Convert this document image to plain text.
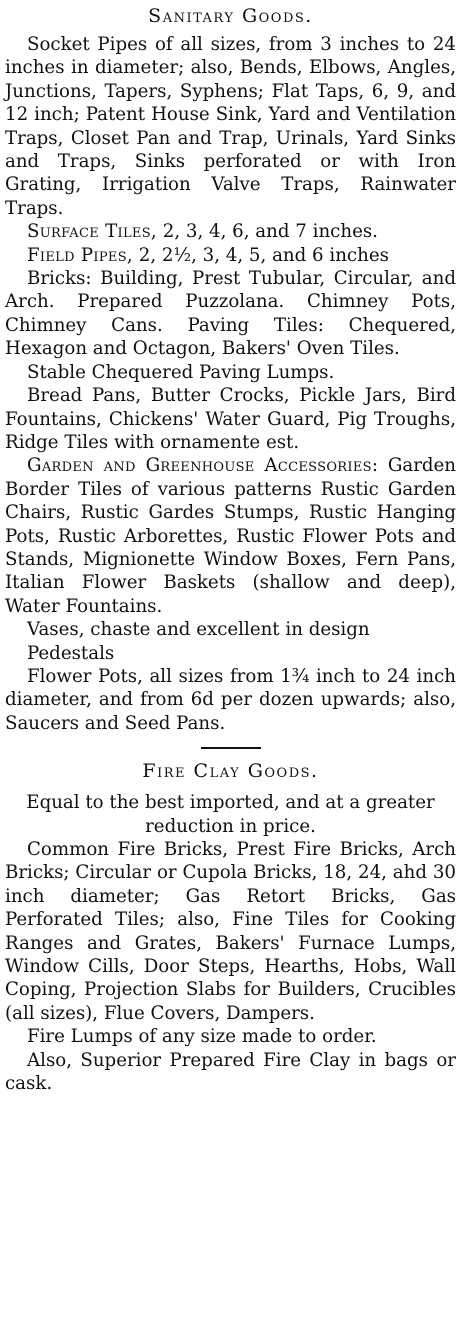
Sanitary Goods.

Socket Pipes of all sizes, from 3 inches to 24 inches in diameter; also, Bends, Elbows, Angles, Junctions, Tapers, Syphens; Flat Taps, 6, 9, and 12 inch; Patent House Sink, Yard and Ventilation Traps, Closet Pan and Trap, Urinals, Yard Sinks and Traps, Sinks perforated or with Iron Grating, Irrigation Valve Traps, Rainwater Traps.

Surface Tiles, 2, 3, 4, 6, and 7 inches.

Field Pipes, 2, 2½, 3, 4, 5, and 6 inches

Bricks: Building, Prest Tubular, Circular, and Arch. Prepared Puzzolana. Chimney Pots, Chimney Cans. Paving Tiles: Chequered, Hexagon and Octagon, Bakers' Oven Tiles.

Stable Chequered Paving Lumps.

Bread Pans, Butter Crocks, Pickle Jars, Bird Fountains, Chickens' Water Guard, Pig Troughs, Ridge Tiles with ornamente est.

Garden and Greenhouse Accessories: Garden Border Tiles of various patterns Rustic Garden Chairs, Rustic Gardes Stumps, Rustic Hanging Pots, Rustic Arborettes, Rustic Flower Pots and Stands, Mignionette Window Boxes, Fern Pans, Italian Flower Baskets (shallow and deep), Water Fountains.

Vases, chaste and excellent in design

Pedestals

Flower Pots, all sizes from 1¾ inch to 24 inch diameter, and from 6d per dozen upwards; also, Saucers and Seed Pans.

Fire Clay Goods.

Equal to the best imported, and at a greater reduction in price.

Common Fire Bricks, Prest Fire Bricks, Arch Bricks; Circular or Cupola Bricks, 18, 24, ahd 30 inch diameter; Gas Retort Bricks, Gas Perforated Tiles; also, Fine Tiles for Cooking Ranges and Grates, Bakers' Furnace Lumps, Window Cills, Door Steps, Hearths, Hobs, Wall Coping, Projection Slabs for Builders, Crucibles (all sizes), Flue Covers, Dampers.

Fire Lumps of any size made to order.

Also, Superior Prepared Fire Clay in bags or cask.
